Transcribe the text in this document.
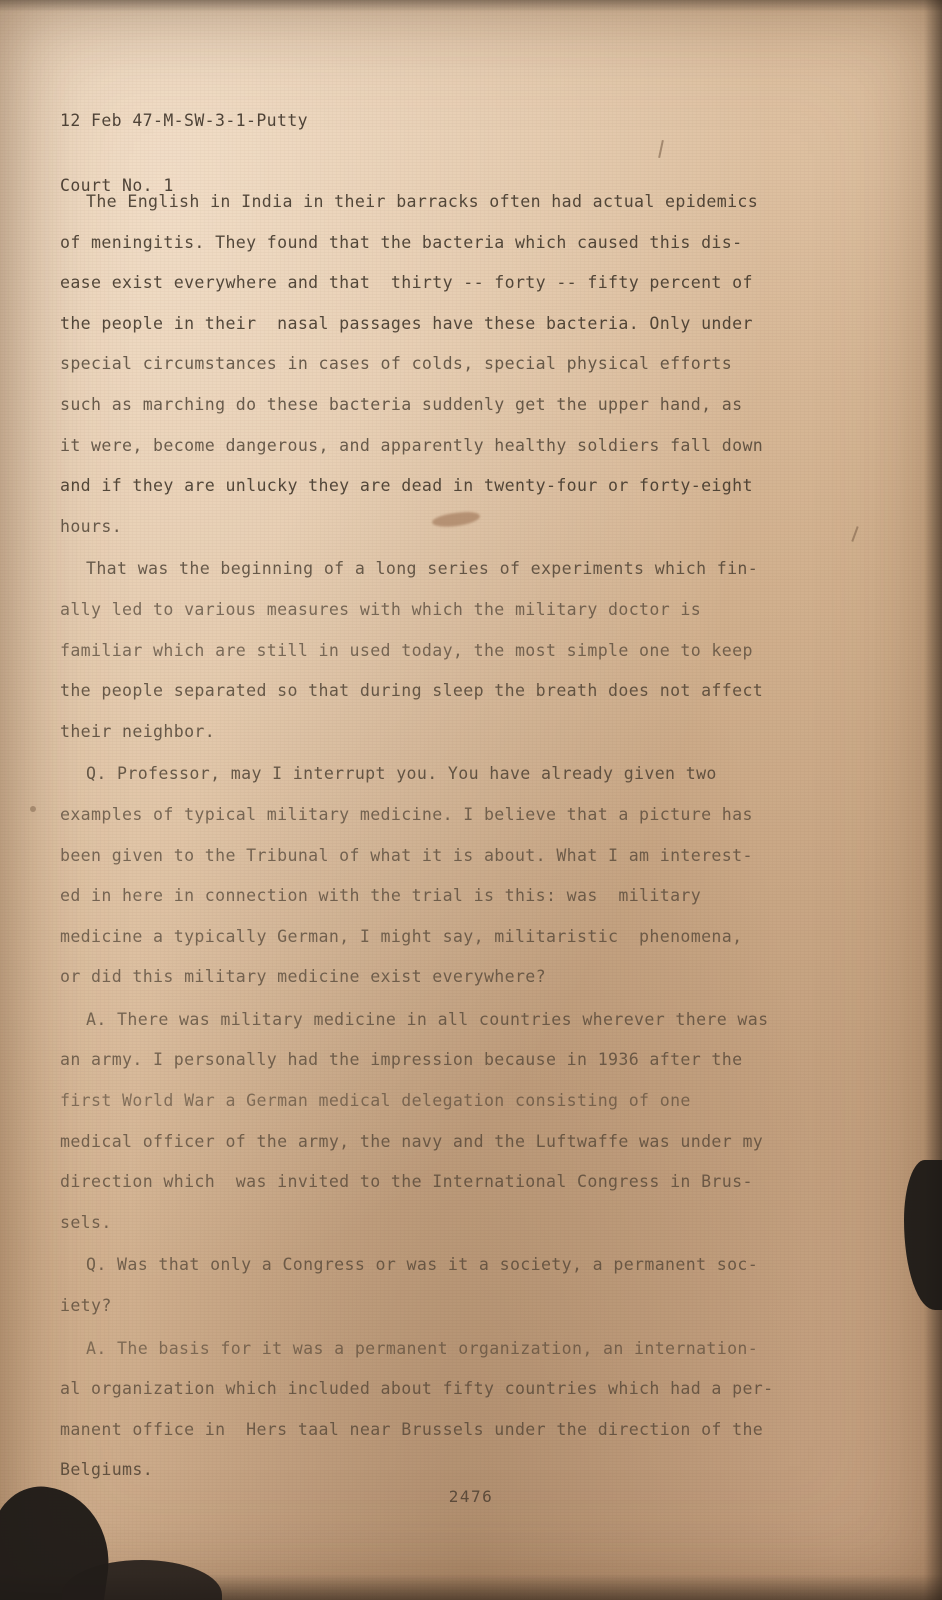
12 Feb 47-M-SW-3-1-Putty

Court No. 1

The English in India in their barracks often had actual epidemics
of meningitis. They found that the bacteria which caused this dis-
ease exist everywhere and that  thirty -- forty -- fifty percent of
the people in their  nasal passages have these bacteria. Only under
special circumstances in cases of colds, special physical efforts
such as marching do these bacteria suddenly get the upper hand, as
it were, become dangerous, and apparently healthy soldiers fall down
and if they are unlucky they are dead in twenty-four or forty-eight
hours.

That was the beginning of a long series of experiments which fin-
ally led to various measures with which the military doctor is
familiar which are still in used today, the most simple one to keep
the people separated so that during sleep the breath does not affect
their neighbor.

Q. Professor, may I interrupt you. You have already given two
examples of typical military medicine. I believe that a picture has
been given to the Tribunal of what it is about. What I am interest-
ed in here in connection with the trial is this: was  military
medicine a typically German, I might say, militaristic  phenomena,
or did this military medicine exist everywhere?

A. There was military medicine in all countries wherever there was
an army. I personally had the impression because in 1936 after the
first World War a German medical delegation consisting of one
medical officer of the army, the navy and the Luftwaffe was under my
direction which  was invited to the International Congress in Brus-
sels.

Q. Was that only a Congress or was it a society, a permanent soc-
iety?

A. The basis for it was a permanent organization, an internation-
al organization which included about fifty countries which had a per-
manent office in  Hers taal near Brussels under the direction of the
Belgiums.

2476
